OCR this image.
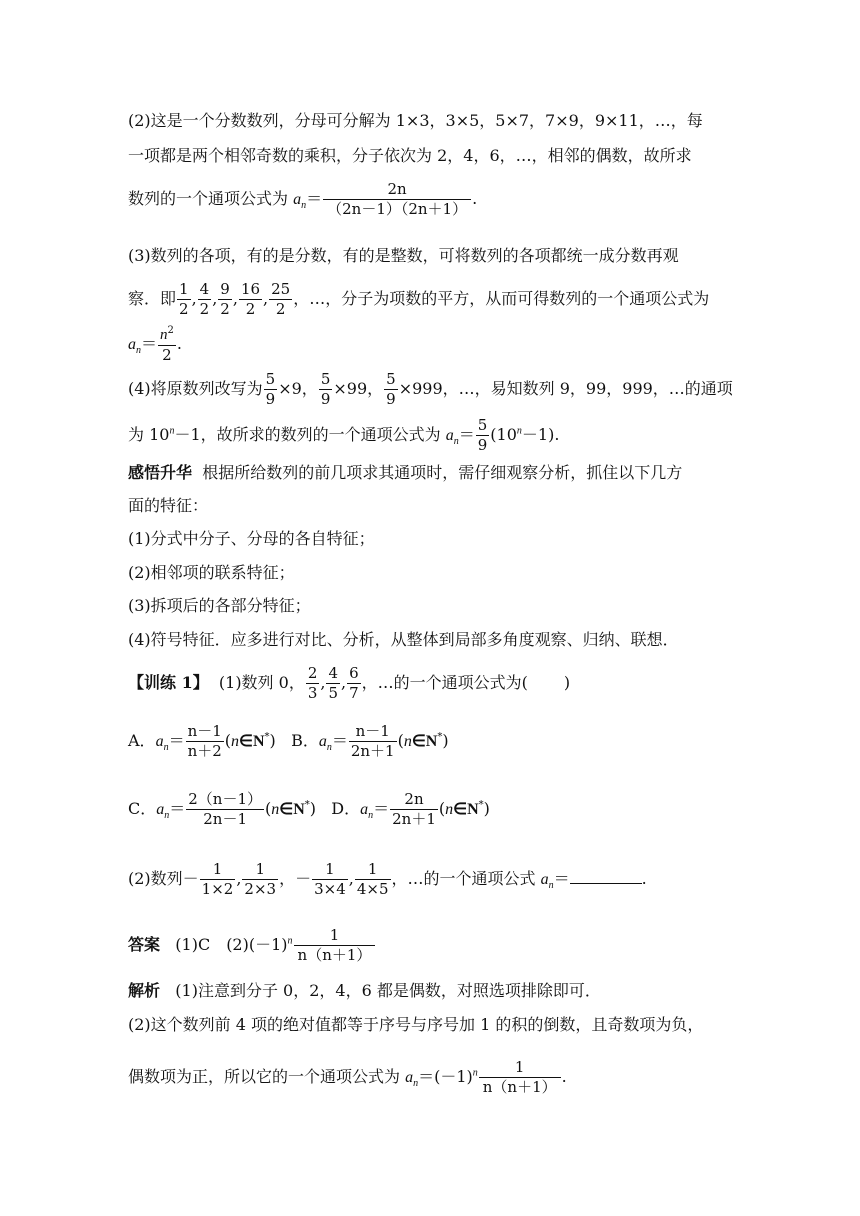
(2)这是一个分数数列，分母可分解为 1×3，3×5，5×7，7×9，9×11，…，每
一项都是两个相邻奇数的乘积，分子依次为 2，4，6，…，相邻的偶数，故所求
数列的一个通项公式为 $a_n= \frac{2n}{(2n-1)(2n+1)}$ .
(3)数列的各项，有的是分数，有的是整数，可将数列的各项都统一成分数再观
察．即 $\frac{1}{2}$ , $\frac{4}{2}$ , $\frac{9}{2}$ , $\frac{16}{2}$ , $\frac{25}{2}$ ，…，分子为项数的平方，从而可得数列的一个通项公式为
$a_n= \frac{n^2}{2}$ .
(4)将原数列改写为 $\frac{5}{9} \times 9$， $\frac{5}{9} \times 99$， $\frac{5}{9} \times 999$，…，易知数列 9，99，999，…的通项
为 $10^n-1$，故所求的数列的一个通项公式为 $a_n= \frac{5}{9} (10^n-1)$.
感悟升华 根据所给数列的前几项求其通项时，需仔细观察分析，抓住以下几方
面的特征：
(1)分式中分子、分母的各自特征；
(2)相邻项的联系特征；
(3)拆项后的各部分特征；
(4)符号特征．应多进行对比、分析，从整体到局部多角度观察、归纳、联想．
【训练 1】 (1)数列 0， $\frac{2}{3}$ , $\frac{4}{5}$ , $\frac{6}{7}$ ，…的一个通项公式为( )
A．$a_n= \frac{n-1}{n+2}$ (n∈N*) B．$a_n= \frac{n-1}{2n+1}$ (n∈N*)
C．$a_n= \frac{2(n-1)}{2n-1}$ (n∈N*) D．$a_n= \frac{2n}{2n+1}$ (n∈N*)
(2)数列－ $\frac{1}{1\times 2}$ , $\frac{1}{2\times 3}$ ，－ $\frac{1}{3\times 4}$ , $\frac{1}{4\times 5}$ ，…的一个通项公式 $a_n=$	.
答案 (1)C　$(2)(-1)^n \frac{1}{n(n+1)}$
解析 (1)注意到分子 0，2，4，6 都是偶数，对照选项排除即可．
(2)这个数列前 4 项的绝对值都等于序号与序号加 1 的积的倒数，且奇数项为负，
偶数项为正，所以它的一个通项公式为 $a_n=(-1)^n \frac{1}{n(n+1)}$ .
